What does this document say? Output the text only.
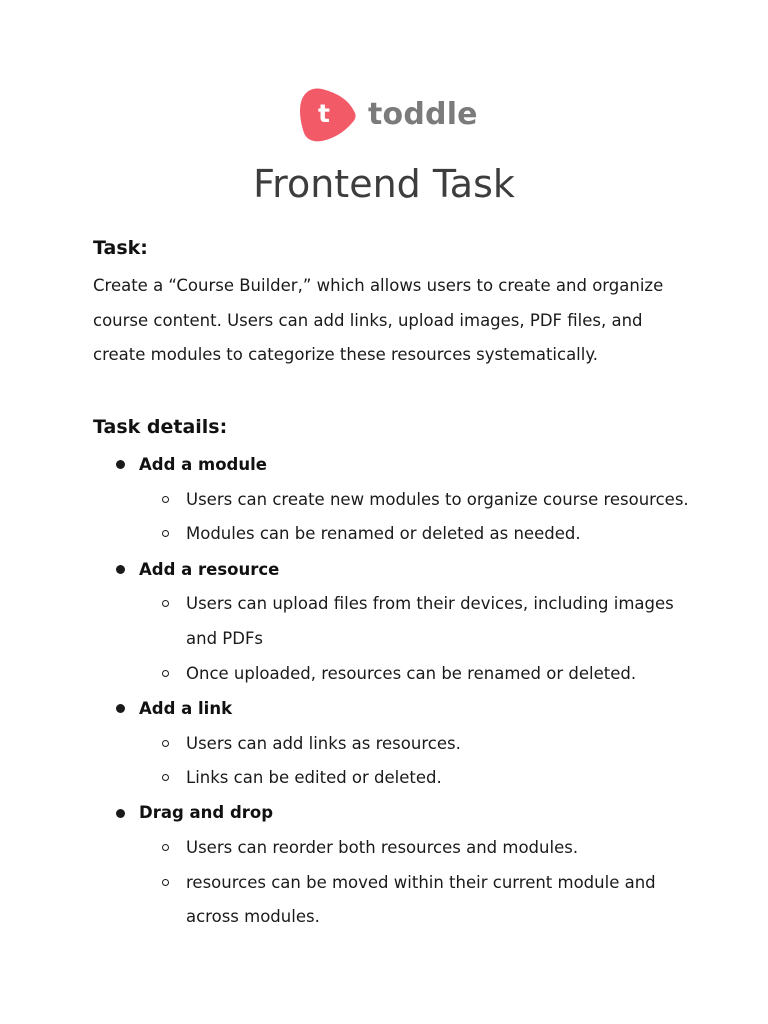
t	toddle
Frontend Task
Task:
Create a “Course Builder,” which allows users to create and organize
course content. Users can add links, upload images, PDF files, and
create modules to categorize these resources systematically.
Task details:
Add a module
Users can create new modules to organize course resources.
Modules can be renamed or deleted as needed.
Add a resource
Users can upload files from their devices, including images
and PDFs
Once uploaded, resources can be renamed or deleted.
Add a link
Users can add links as resources.
Links can be edited or deleted.
Drag and drop
Users can reorder both resources and modules.
resources can be moved within their current module and
across modules.
